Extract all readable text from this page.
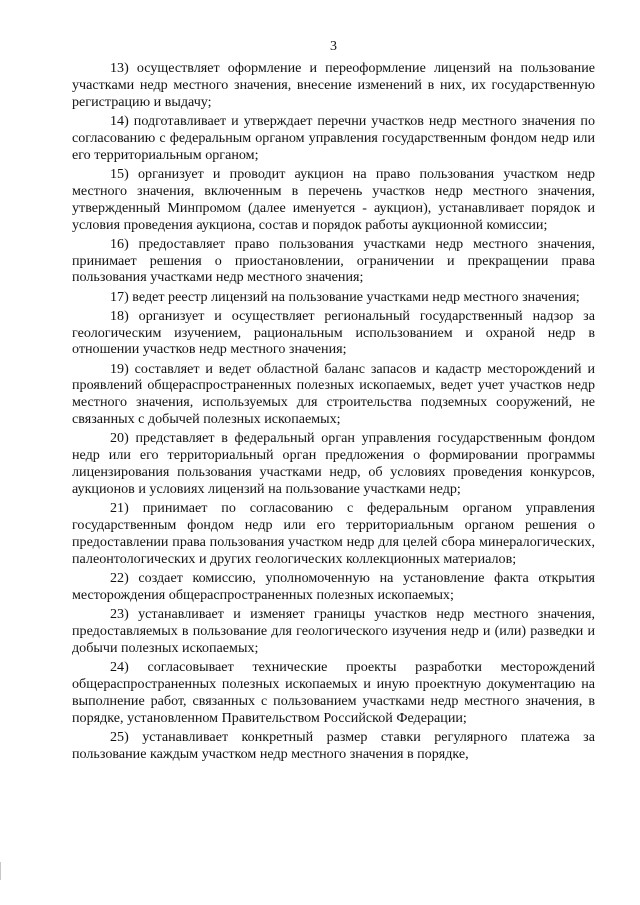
3

13) осуществляет оформление и переоформление лицензий на пользование участками недр местного значения, внесение изменений в них, их государственную регистрацию и выдачу;

14) подготавливает и утверждает перечни участков недр местного значения по согласованию с федеральным органом управления государственным фондом недр или его территориальным органом;

15) организует и проводит аукцион на право пользования участком недр местного значения, включенным в перечень участков недр местного значения, утвержденный Минпромом (далее именуется - аукцион), устанавливает порядок и условия проведения аукциона, состав и порядок работы аукционной комиссии;

16) предоставляет право пользования участками недр местного значения, принимает решения о приостановлении, ограничении и прекращении права пользования участками недр местного значения;

17) ведет реестр лицензий на пользование участками недр местного значения;

18) организует и осуществляет региональный государственный надзор за геологическим изучением, рациональным использованием и охраной недр в отношении участков недр местного значения;

19) составляет и ведет областной баланс запасов и кадастр месторождений и проявлений общераспространенных полезных ископаемых, ведет учет участков недр местного значения, используемых для строительства подземных сооружений, не связанных с добычей полезных ископаемых;

20) представляет в федеральный орган управления государственным фондом недр или его территориальный орган предложения о формировании программы лицензирования пользования участками недр, об условиях проведения конкурсов, аукционов и условиях лицензий на пользование участками недр;

21) принимает по согласованию с федеральным органом управления государственным фондом недр или его территориальным органом решения о предоставлении права пользования участком недр для целей сбора минералогических, палеонтологических и других геологических коллекционных материалов;

22) создает комиссию, уполномоченную на установление факта открытия месторождения общераспространенных полезных ископаемых;

23) устанавливает и изменяет границы участков недр местного значения, предоставляемых в пользование для геологического изучения недр и (или) разведки и добычи полезных ископаемых;

24) согласовывает технические проекты разработки месторождений общераспространенных полезных ископаемых и иную проектную документацию на выполнение работ, связанных с пользованием участками недр местного значения, в порядке, установленном Правительством Российской Федерации;

25) устанавливает конкретный размер ставки регулярного платежа за пользование каждым участком недр местного значения в порядке,
